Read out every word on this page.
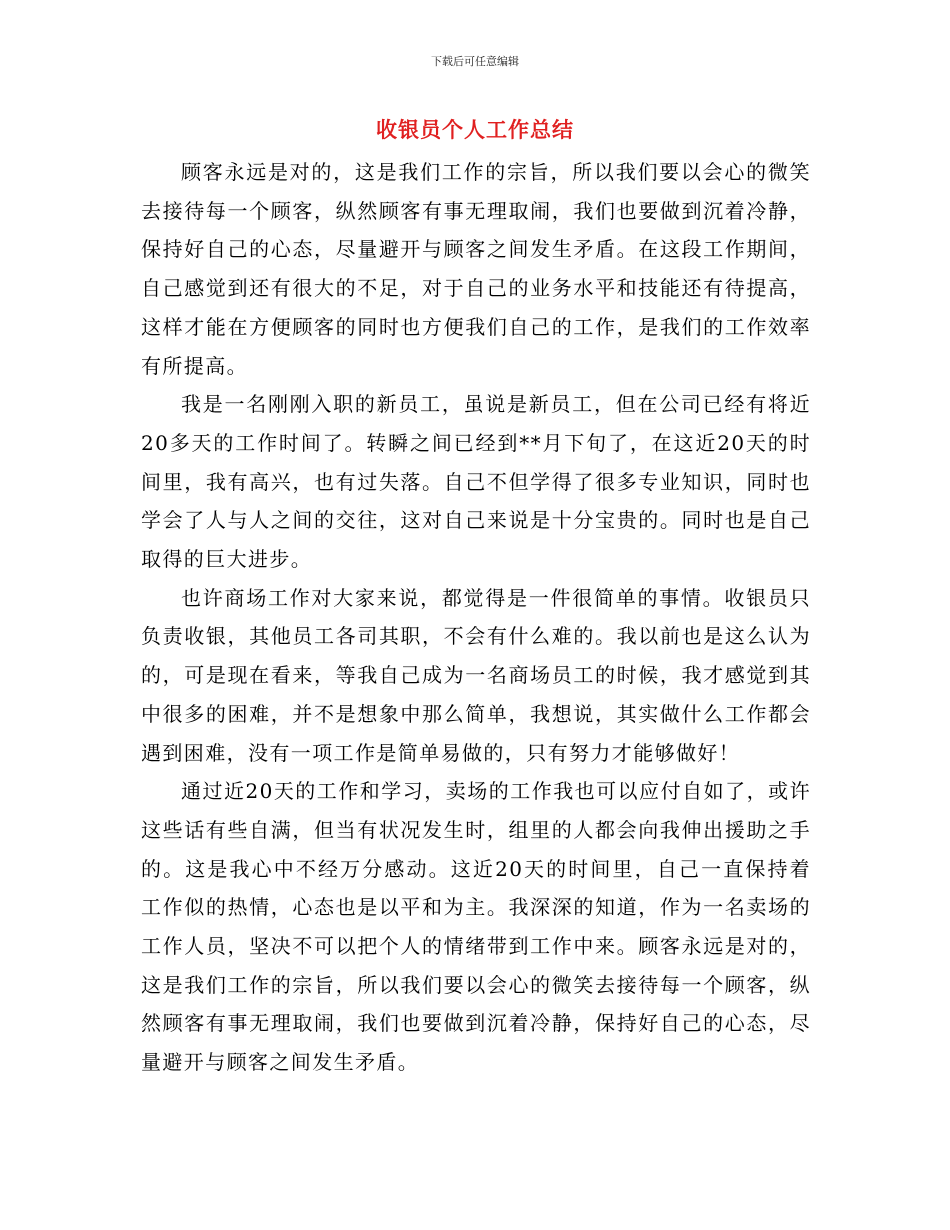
下载后可任意编辑
收银员个人工作总结

顾客永远是对的，这是我们工作的宗旨，所以我们要以会心的微笑去接待每一个顾客，纵然顾客有事无理取闹，我们也要做到沉着冷静，保持好自己的心态，尽量避开与顾客之间发生矛盾。在这段工作期间，自己感觉到还有很大的不足，对于自己的业务水平和技能还有待提高，这样才能在方便顾客的同时也方便我们自己的工作，是我们的工作效率有所提高。

我是一名刚刚入职的新员工，虽说是新员工，但在公司已经有将近20多天的工作时间了。转瞬之间已经到**月下旬了，在这近20天的时间里，我有高兴，也有过失落。自己不但学得了很多专业知识，同时也学会了人与人之间的交往，这对自己来说是十分宝贵的。同时也是自己取得的巨大进步。

也许商场工作对大家来说，都觉得是一件很简单的事情。收银员只负责收银，其他员工各司其职，不会有什么难的。我以前也是这么认为的，可是现在看来，等我自己成为一名商场员工的时候，我才感觉到其中很多的困难，并不是想象中那么简单，我想说，其实做什么工作都会遇到困难，没有一项工作是简单易做的，只有努力才能够做好！

通过近20天的工作和学习，卖场的工作我也可以应付自如了，或许这些话有些自满，但当有状况发生时，组里的人都会向我伸出援助之手的。这是我心中不经万分感动。这近20天的时间里，自己一直保持着工作似的热情，心态也是以平和为主。我深深的知道，作为一名卖场的工作人员，坚决不可以把个人的情绪带到工作中来。顾客永远是对的，这是我们工作的宗旨，所以我们要以会心的微笑去接待每一个顾客，纵然顾客有事无理取闹，我们也要做到沉着冷静，保持好自己的心态，尽量避开与顾客之间发生矛盾。
